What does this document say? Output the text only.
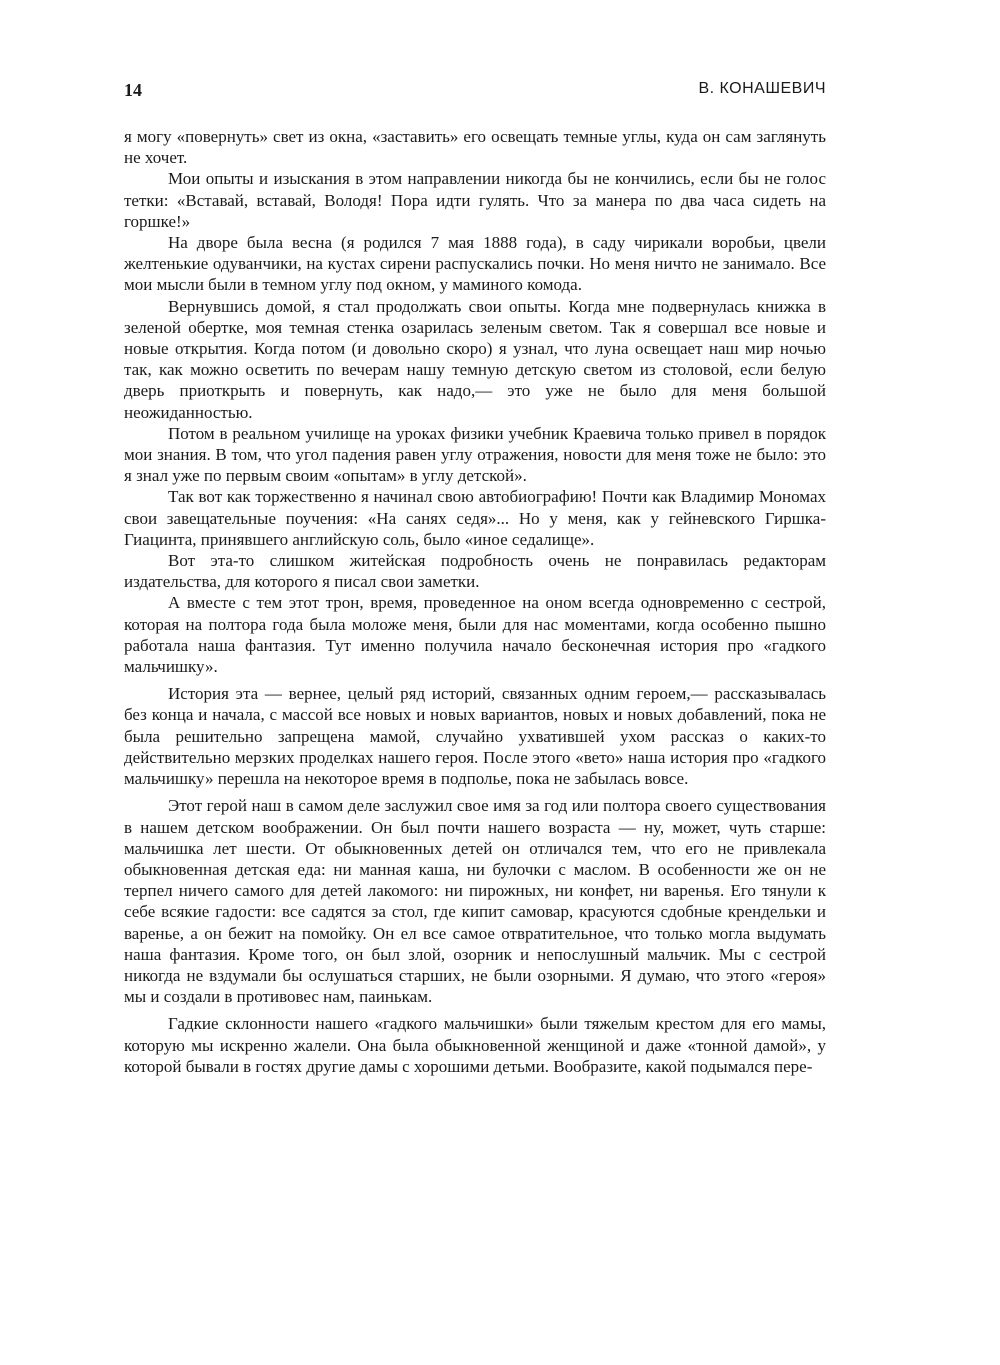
14	В. КОНАШЕВИЧ

я могу «повернуть» свет из окна, «заставить» его освещать темные углы, куда он сам заглянуть не хочет.

Мои опыты и изыскания в этом направлении никогда бы не кончились, если бы не голос тетки: «Вставай, вставай, Володя! Пора идти гулять. Что за манера по два часа сидеть на горшке!»

На дворе была весна (я родился 7 мая 1888 года), в саду чирикали воробьи, цвели желтенькие одуванчики, на кустах сирени распускались почки. Но меня ничто не занимало. Все мои мысли были в темном углу под окном, у маминого комода.

Вернувшись домой, я стал продолжать свои опыты. Когда мне подвернулась книжка в зеленой обертке, моя темная стенка озарилась зеленым светом. Так я совершал все новые и новые открытия. Когда потом (и довольно скоро) я узнал, что луна освещает наш мир ночью так, как можно осветить по вечерам нашу темную детскую светом из столовой, если белую дверь приоткрыть и повернуть, как надо,— это уже не было для меня большой неожиданностью.

Потом в реальном училище на уроках физики учебник Краевича только привел в порядок мои знания. В том, что угол падения равен углу отражения, новости для меня тоже не было: это я знал уже по первым своим «опытам» в углу детской».

Так вот как торжественно я начинал свою автобиографию! Почти как Владимир Мономах свои завещательные поучения: «На санях седя»... Но у меня, как у гейневского Гиршка-Гиацинта, принявшего английскую соль, было «иное седалище».

Вот эта-то слишком житейская подробность очень не понравилась редакторам издательства, для которого я писал свои заметки.

А вместе с тем этот трон, время, проведенное на оном всегда одновременно с сестрой, которая на полтора года была моложе меня, были для нас моментами, когда особенно пышно работала наша фантазия. Тут именно получила начало бесконечная история про «гадкого мальчишку».

История эта — вернее, целый ряд историй, связанных одним героем,— рассказывалась без конца и начала, с массой все новых и новых вариантов, новых и новых добавлений, пока не была решительно запрещена мамой, случайно ухватившей ухом рассказ о каких-то действительно мерзких проделках нашего героя. После этого «вето» наша история про «гадкого мальчишку» перешла на некоторое время в подполье, пока не забылась вовсе.

Этот герой наш в самом деле заслужил свое имя за год или полтора своего существования в нашем детском воображении. Он был почти нашего возраста — ну, может, чуть старше: мальчишка лет шести. От обыкновенных детей он отличался тем, что его не привлекала обыкновенная детская еда: ни манная каша, ни булочки с маслом. В особенности же он не терпел ничего самого для детей лакомого: ни пирожных, ни конфет, ни варенья. Его тянули к себе всякие гадости: все садятся за стол, где кипит самовар, красуются сдобные крендельки и варенье, а он бежит на помойку. Он ел все самое отвратительное, что только могла выдумать наша фантазия. Кроме того, он был злой, озорник и непослушный мальчик. Мы с сестрой никогда не вздумали бы ослушаться старших, не были озорными. Я думаю, что этого «героя» мы и создали в противовес нам, паинькам.

Гадкие склонности нашего «гадкого мальчишки» были тяжелым крестом для его мамы, которую мы искренно жалели. Она была обыкновенной женщиной и даже «тонной дамой», у которой бывали в гостях другие дамы с хорошими детьми. Вообразите, какой подымался пере-
